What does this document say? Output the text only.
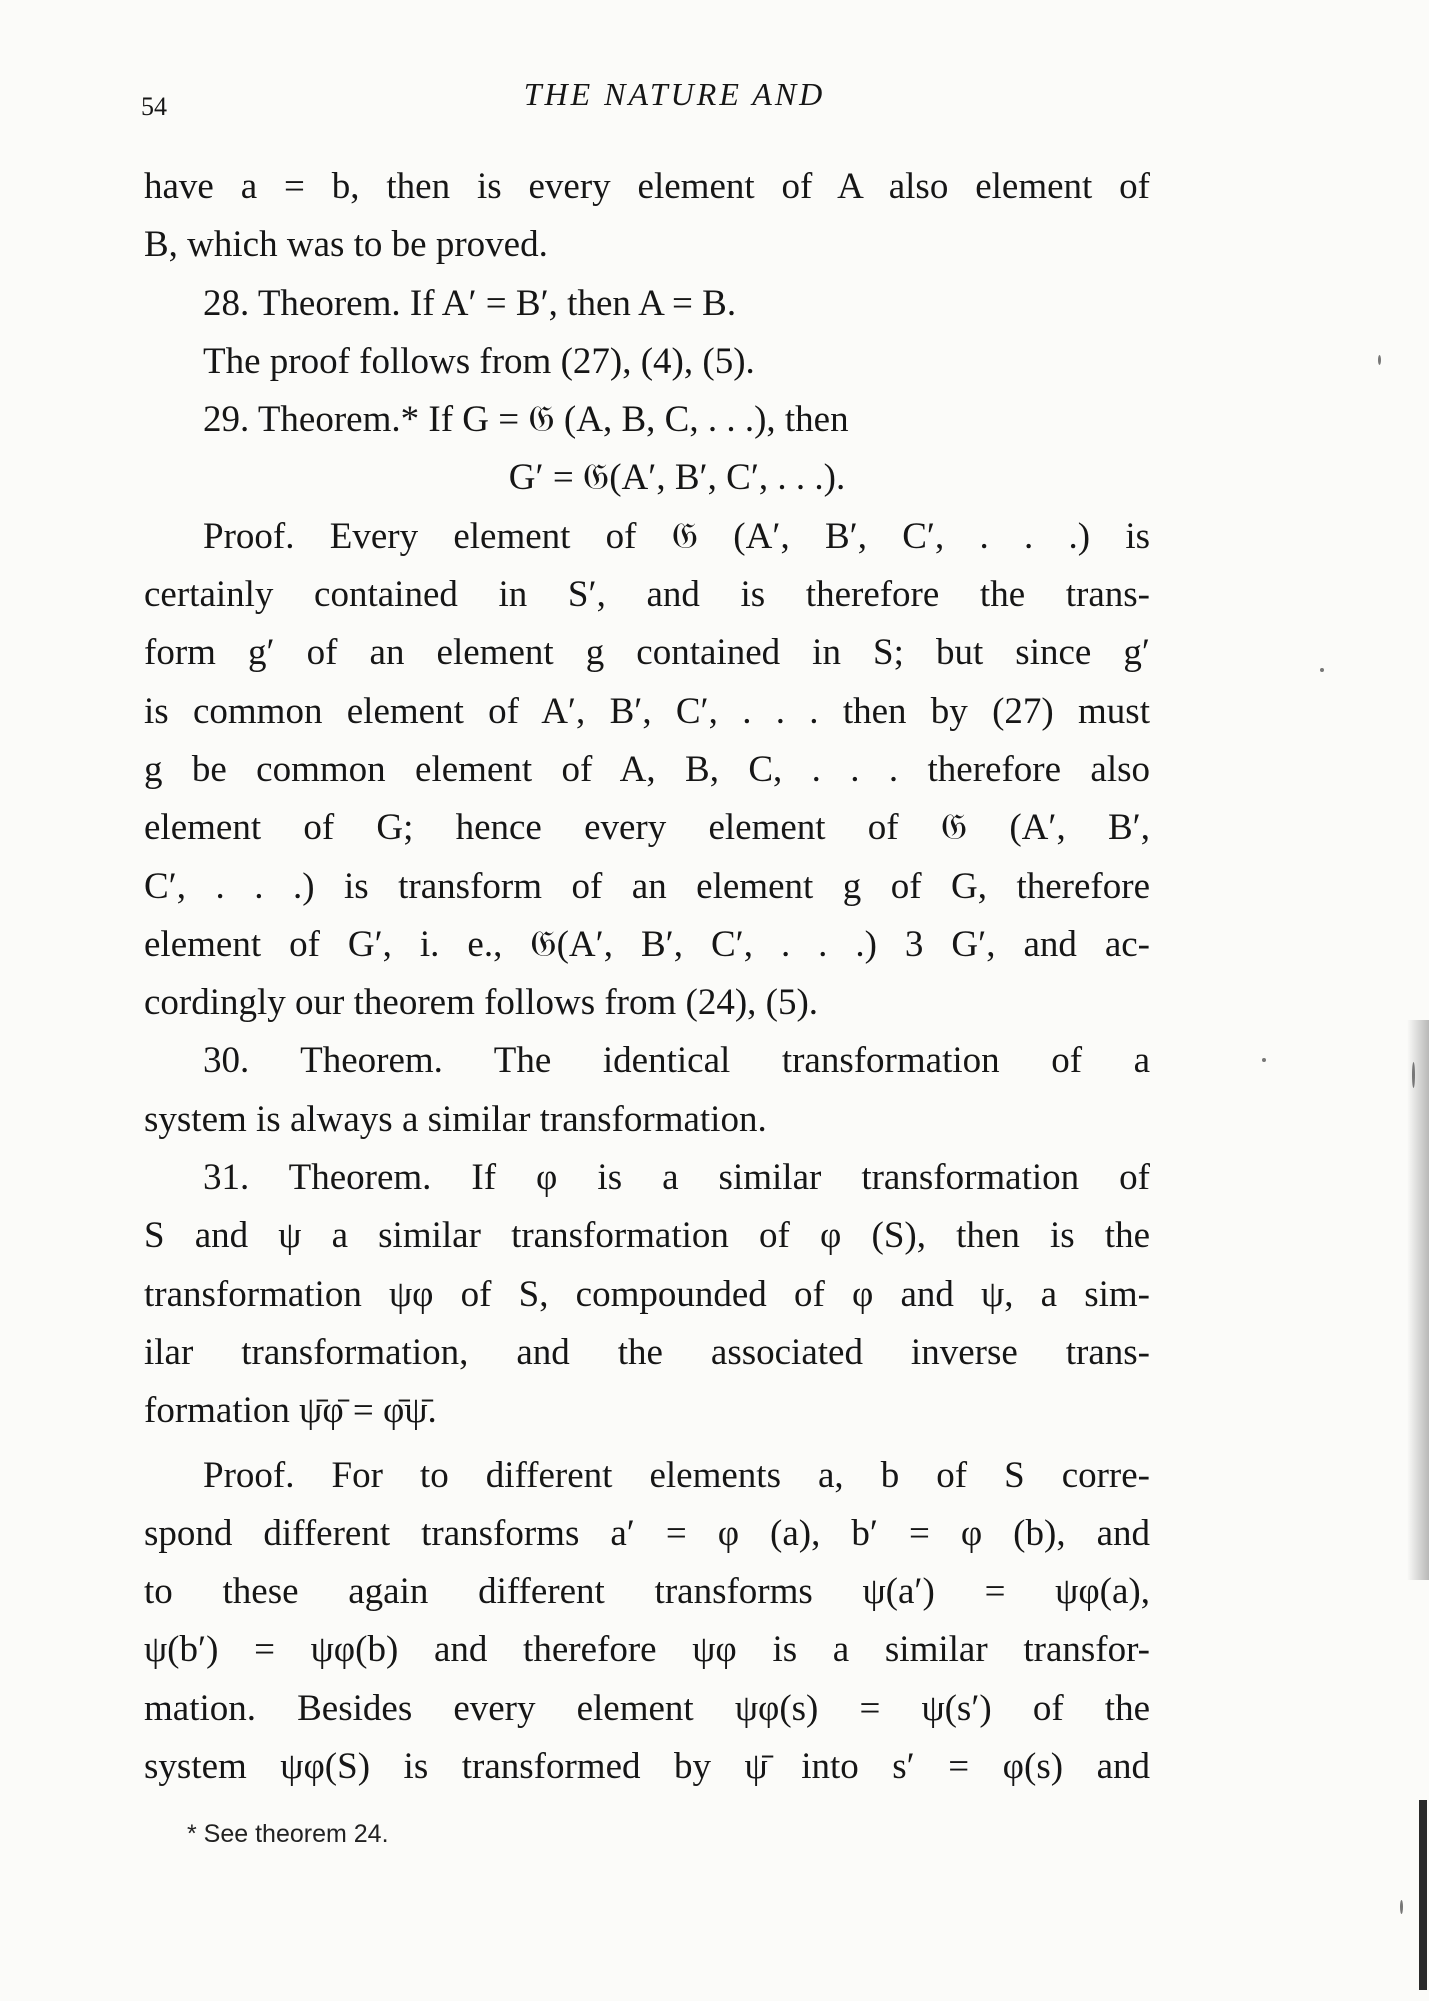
54	THE NATURE AND
have a = b, then is every element of A also element of
B, which was to be proved.
28. Theorem. If A′ = B′, then A = B.
The proof follows from (27), (4), (5).
29. Theorem.* If G = 𝔊 (A, B, C, . . .), then
G′ = 𝔊(A′, B′, C′, . . .).
Proof. Every element of 𝔊 (A′, B′, C′, . . .) is
certainly contained in S′, and is therefore the trans-
form g′ of an element g contained in S; but since g′
is common element of A′, B′, C′, . . . then by (27) must
g be common element of A, B, C, . . . therefore also
element of G; hence every element of 𝔊 (A′, B′,
C′, . . .) is transform of an element g of G, therefore
element of G′, i. e., 𝔊(A′, B′, C′, . . .) 3 G′, and ac-
cordingly our theorem follows from (24), (5).
30. Theorem. The identical transformation of a
system is always a similar transformation.
31. Theorem. If φ is a similar transformation of
S and ψ a similar transformation of φ (S), then is the
transformation ψφ of S, compounded of φ and ψ, a sim-
ilar transformation, and the associated inverse trans-
formation ψ̄φ̄ = φ̄ψ̄.
Proof. For to different elements a, b of S corre-
spond different transforms a′ = φ (a), b′ = φ (b), and
to these again different transforms ψ(a′) = ψφ(a),
ψ(b′) = ψφ(b) and therefore ψφ is a similar transfor-
mation. Besides every element ψφ(s) = ψ(s′) of the
system ψφ(S) is transformed by ψ̄ into s′ = φ(s) and
* See theorem 24.
